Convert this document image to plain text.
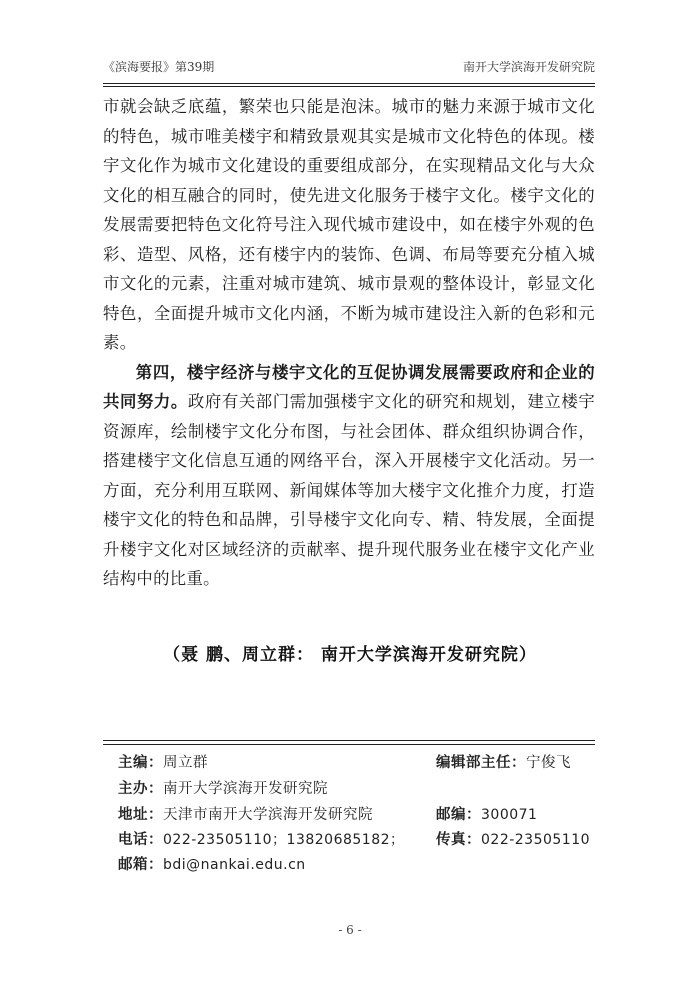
《滨海要报》第39期	南开大学滨海开发研究院

市就会缺乏底蕴，繁荣也只能是泡沫。城市的魅力来源于城市文化的特色，城市唯美楼宇和精致景观其实是城市文化特色的体现。楼宇文化作为城市文化建设的重要组成部分，在实现精品文化与大众文化的相互融合的同时，使先进文化服务于楼宇文化。楼宇文化的发展需要把特色文化符号注入现代城市建设中，如在楼宇外观的色彩、造型、风格，还有楼宇内的装饰、色调、布局等要充分植入城市文化的元素，注重对城市建筑、城市景观的整体设计，彰显文化特色，全面提升城市文化内涵，不断为城市建设注入新的色彩和元素。

第四，楼宇经济与楼宇文化的互促协调发展需要政府和企业的共同努力。政府有关部门需加强楼宇文化的研究和规划，建立楼宇资源库，绘制楼宇文化分布图，与社会团体、群众组织协调合作，搭建楼宇文化信息互通的网络平台，深入开展楼宇文化活动。另一方面，充分利用互联网、新闻媒体等加大楼宇文化推介力度，打造楼宇文化的特色和品牌，引导楼宇文化向专、精、特发展，全面提升楼宇文化对区域经济的贡献率、提升现代服务业在楼宇文化产业结构中的比重。

（聂 鹏、周立群： 南开大学滨海开发研究院）
主编：周立群	编辑部主任：宁俊飞
主办：南开大学滨海开发研究院
地址：天津市南开大学滨海开发研究院	邮编：300071
电话：022-23505110；13820685182； 传真：022-23505110
邮箱：bdi@nankai.edu.cn
- 6 -
